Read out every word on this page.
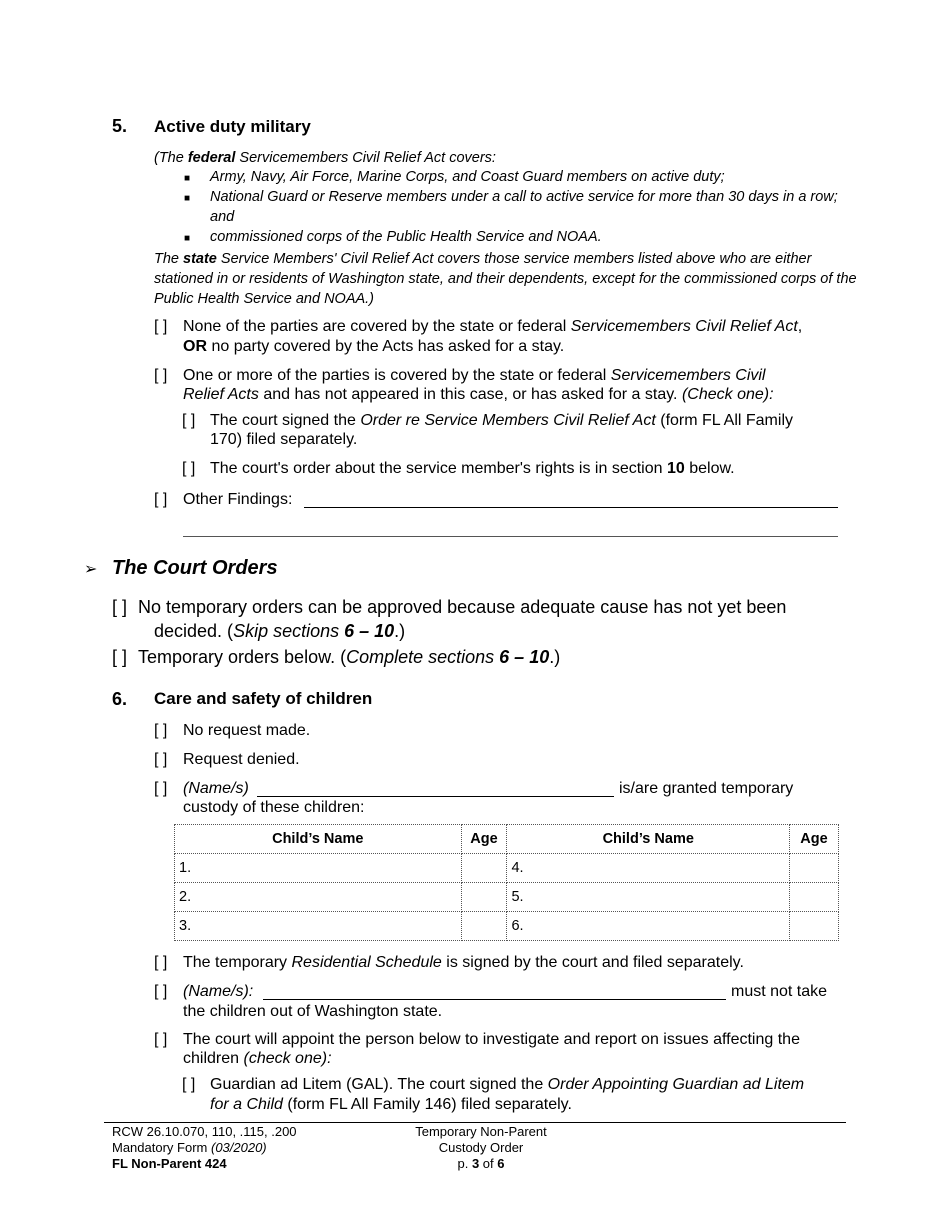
5. Active duty military
(The federal Servicemembers Civil Relief Act covers:
■ Army, Navy, Air Force, Marine Corps, and Coast Guard members on active duty;
■ National Guard or Reserve members under a call to active service for more than 30 days in a row;
and
■ commissioned corps of the Public Health Service and NOAA.
The state Service Members' Civil Relief Act covers those service members listed above who are either
stationed in or residents of Washington state, and their dependents, except for the commissioned corps of the
Public Health Service and NOAA.)
[ ] None of the parties are covered by the state or federal Servicemembers Civil Relief Act,
OR no party covered by the Acts has asked for a stay.
[ ] One or more of the parties is covered by the state or federal Servicemembers Civil
Relief Acts and has not appeared in this case, or has asked for a stay. (Check one):
[ ] The court signed the Order re Service Members Civil Relief Act (form FL All Family
170) filed separately.
[ ] The court's order about the service member's rights is in section 10 below.
[ ] Other Findings:
➢ The Court Orders
[ ] No temporary orders can be approved because adequate cause has not yet been
decided. (Skip sections 6 – 10.)
[ ] Temporary orders below. (Complete sections 6 – 10.)
6. Care and safety of children
[ ] No request made.
[ ] Request denied.
[ ] (Name/s)	is/are granted temporary
custody of these children:
Child’s Name	Age	Child’s Name	Age
1.		4.	
2.		5.	
3.		6.	
[ ] The temporary Residential Schedule is signed by the court and filed separately.
[ ] (Name/s):	must not take
the children out of Washington state.
[ ] The court will appoint the person below to investigate and report on issues affecting the
children (check one):
[ ] Guardian ad Litem (GAL). The court signed the Order Appointing Guardian ad Litem
for a Child (form FL All Family 146) filed separately.
RCW 26.10.070, 110, .115, .200
Mandatory Form (03/2020)
FL Non-Parent 424
Temporary Non-Parent
Custody Order
p. 3 of 6
